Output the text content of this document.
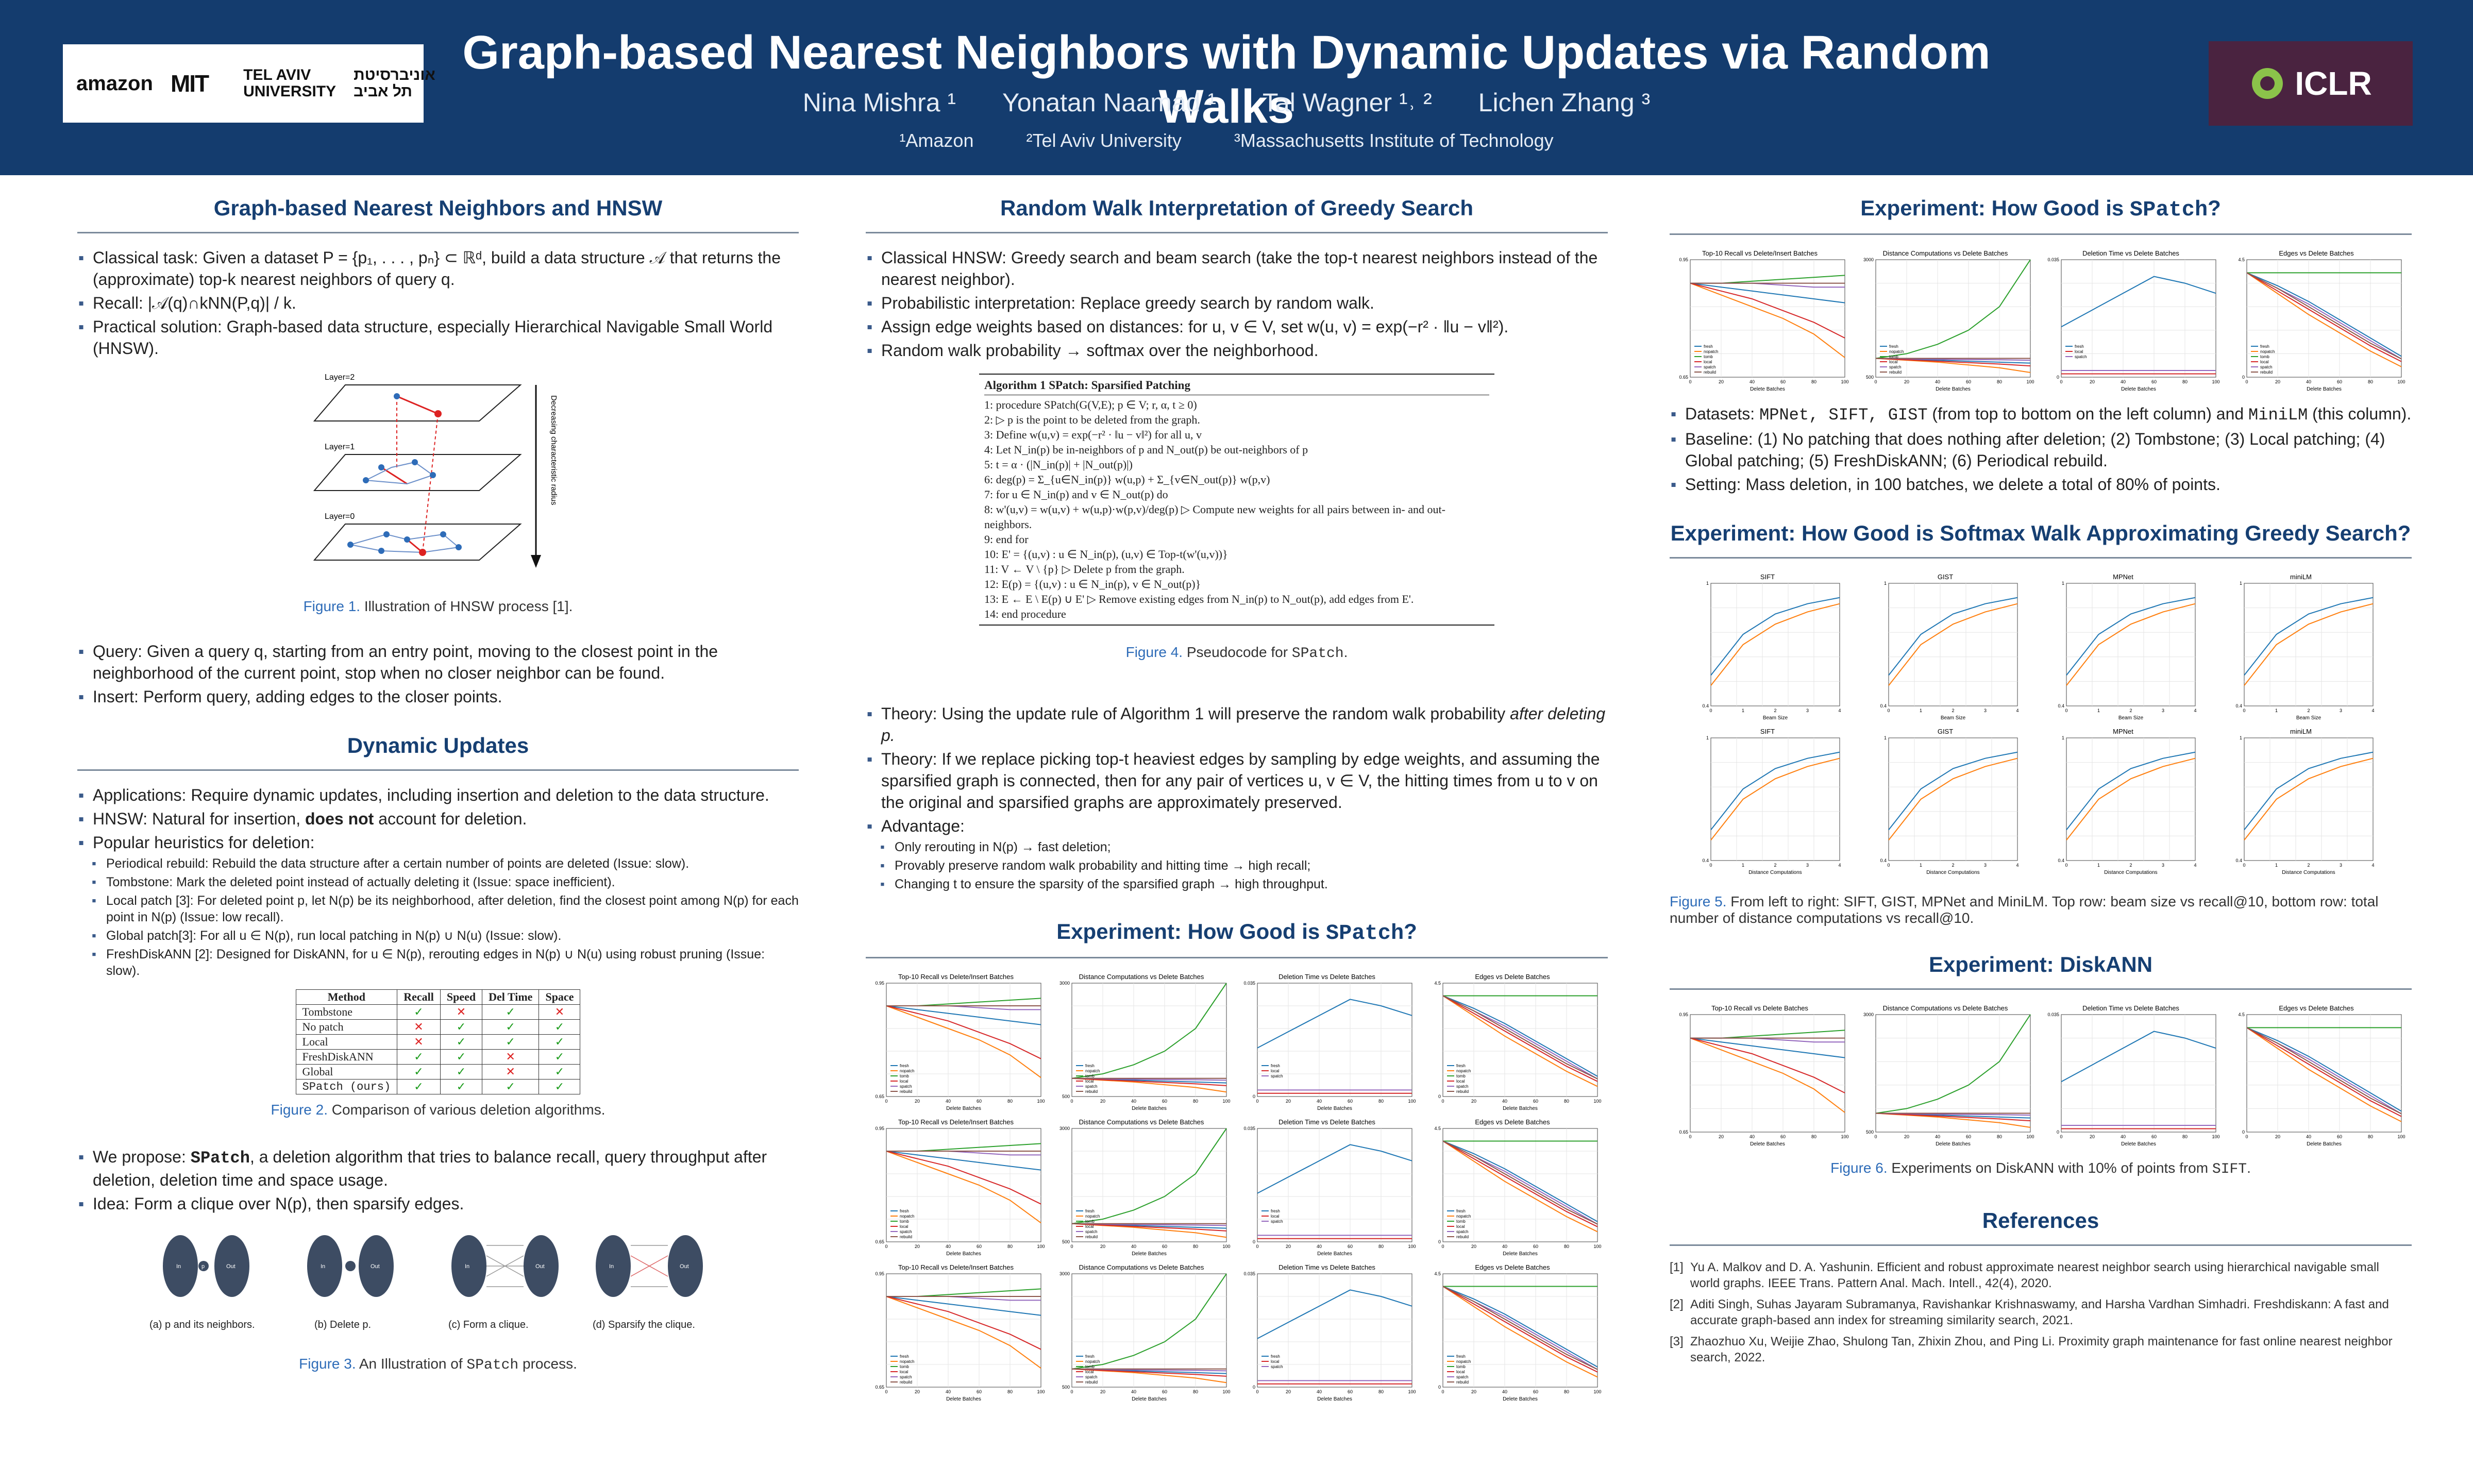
amazon MIT TEL AVIV
UNIVERSITY
אוניברסיטת
תל אביב
Graph-based Nearest Neighbors with Dynamic Updates via Random Walks
Nina Mishra ¹ Yonatan Naamad ¹ Tal Wagner ¹˒ ² Lichen Zhang ³
¹Amazon	²Tel Aviv University	³Massachusetts Institute of Technology
ICLR
Graph-based Nearest Neighbors and HNSW
▪ Classical task: Given a dataset P = {p₁, . . . , pₙ} ⊂ ℝᵈ, build a data structure 𝒜 that returns the (approximate) top-k nearest neighbors of query q.
▪ Recall: |𝒜(q)∩kNN(P,q)| / k.
▪ Practical solution: Graph-based data structure, especially Hierarchical Navigable Small World (HNSW).
Layer=2
Layer=1
Layer=0
Decreasing characteristic radius
Figure 1. Illustration of HNSW process [1].
▪ Query: Given a query q, starting from an entry point, moving to the closest point in the neighborhood of the current point, stop when no closer neighbor can be found.
▪ Insert: Perform query, adding edges to the closer points.
Dynamic Updates
▪ Applications: Require dynamic updates, including insertion and deletion to the data structure.
▪ HNSW: Natural for insertion, does not account for deletion.
▪ Popular heuristics for deletion:
▪ Periodical rebuild: Rebuild the data structure after a certain number of points are deleted (Issue: slow).
▪ Tombstone: Mark the deleted point instead of actually deleting it (Issue: space inefficient).
▪ Local patch [3]: For deleted point p, let N(p) be its neighborhood, after deletion, find the closest point among N(p) for each point in N(p) (Issue: low recall).
▪ Global patch[3]: For all u ∈ N(p), run local patching in N(p) ∪ N(u) (Issue: slow).
▪ FreshDiskANN [2]: Designed for DiskANN, for u ∈ N(p), rerouting edges in N(p) ∪ N(u) using robust pruning (Issue: slow).
Method	Recall	Speed	Del Time	Space
Tombstone	✓	✕	✓	✕
No patch	✕	✓	✓	✓
Local	✕	✓	✓	✓
FreshDiskANN	✓	✓	✕	✓
Global	✓	✓	✕	✓
SPatch (ours)	✓	✓	✓	✓
Figure 2. Comparison of various deletion algorithms.
▪ We propose: SPatch, a deletion algorithm that tries to balance recall, query throughput after deletion, deletion time and space usage.
▪ Idea: Form a clique over N(p), then sparsify edges.
In	p	Out	In	Out	In	Out	In	Out
(a) p and its neighbors.	(b) Delete p.	(c) Form a clique.	(d) Sparsify the clique.
Figure 3. An Illustration of SPatch process.
Random Walk Interpretation of Greedy Search
▪ Classical HNSW: Greedy search and beam search (take the top-t nearest neighbors instead of the nearest neighbor).
▪ Probabilistic interpretation: Replace greedy search by random walk.
▪ Assign edge weights based on distances: for u, v ∈ V, set w(u, v) = exp(−r² · ‖u − v‖²).
▪ Random walk probability → softmax over the neighborhood.
Algorithm 1 SPatch: Sparsified Patching
1: procedure SPatch(G(V,E); p ∈ V; r, α, t ≥ 0)
2: ▷ p is the point to be deleted from the graph.
3: Define w(u,v) = exp(−r² · ‖u − v‖²) for all u, v
4: Let N_in(p) be in-neighbors of p and N_out(p) be out-neighbors of p
5: t = α · (|N_in(p)| + |N_out(p)|)
6: deg(p) = Σ_{u∈N_in(p)} w(u,p) + Σ_{v∈N_out(p)} w(p,v)
7: for u ∈ N_in(p) and v ∈ N_out(p) do
8: w'(u,v) = w(u,v) + w(u,p)·w(p,v)/deg(p) ▷ Compute new weights for all pairs between in- and out-neighbors.
9: end for
10: E' = {(u,v) : u ∈ N_in(p), (u,v) ∈ Top-t(w'(u,v))}
11: V ← V \ {p} ▷ Delete p from the graph.
12: E(p) = {(u,v) : u ∈ N_in(p), v ∈ N_out(p)}
13: E ← E \ E(p) ∪ E' ▷ Remove existing edges from N_in(p) to N_out(p), add edges from E'.
14: end procedure
Figure 4. Pseudocode for SPatch.
▪ Theory: Using the update rule of Algorithm 1 will preserve the random walk probability after deleting p.
▪ Theory: If we replace picking top-t heaviest edges by sampling by edge weights, and assuming the sparsified graph is connected, then for any pair of vertices u, v ∈ V, the hitting times from u to v on the original and sparsified graphs are approximately preserved.
▪ Advantage:
▪ Only rerouting in N(p) → fast deletion;
▪ Provably preserve random walk probability and hitting time → high recall;
▪ Changing t to ensure the sparsity of the sparsified graph → high throughput.
Experiment: How Good is SPatch?
Top-10 Recall vs Delete/Insert Batches
0	20	40	60	80	100
0.65
0.95
Delete Batches
fresh
nopatch
tomb
local
spatch
rebuild
Distance Computations vs Delete Batches
0	20	40	60	80	100
500
3000
Delete Batches
fresh
nopatch
tomb
local
spatch
rebuild
Deletion Time vs Delete Batches
0	20	40	60	80	100
0
0.035
Delete Batches
fresh
local
spatch
Edges vs Delete Batches
0	20	40	60	80	100
0
4.5
Delete Batches
fresh
nopatch
tomb
local
spatch
rebuild
Top-10 Recall vs Delete/Insert Batches
0	20	40	60	80	100
0.65
0.95
Delete Batches
fresh
nopatch
tomb
local
spatch
rebuild
Distance Computations vs Delete Batches
0	20	40	60	80	100
500
3000
Delete Batches
fresh
nopatch
tomb
local
spatch
rebuild
Deletion Time vs Delete Batches
0	20	40	60	80	100
0
0.035
Delete Batches
fresh
local
spatch
Edges vs Delete Batches
0	20	40	60	80	100
0
4.5
Delete Batches
fresh
nopatch
tomb
local
spatch
rebuild
Top-10 Recall vs Delete/Insert Batches
0	20	40	60	80	100
0.65
0.95
Delete Batches
fresh
nopatch
tomb
local
spatch
rebuild
Distance Computations vs Delete Batches
0	20	40	60	80	100
500
3000
Delete Batches
fresh
nopatch
tomb
local
spatch
rebuild
Deletion Time vs Delete Batches
0	20	40	60	80	100
0
0.035
Delete Batches
fresh
local
spatch
Edges vs Delete Batches
0	20	40	60	80	100
0
4.5
Delete Batches
fresh
nopatch
tomb
local
spatch
rebuild
Experiment: How Good is SPatch?
Top-10 Recall vs Delete/Insert Batches
0	20	40	60	80	100
0.65
0.95
Delete Batches
fresh
nopatch
tomb
local
spatch
rebuild
Distance Computations vs Delete Batches
0	20	40	60	80	100
500
3000
Delete Batches
fresh
nopatch
tomb
local
spatch
rebuild
Deletion Time vs Delete Batches
0	20	40	60	80	100
0
0.035
Delete Batches
fresh
local
spatch
Edges vs Delete Batches
0	20	40	60	80	100
0
4.5
Delete Batches
fresh
nopatch
tomb
local
spatch
rebuild
▪ Datasets: MPNet, SIFT, GIST (from top to bottom on the left column) and MiniLM (this column).
▪ Baseline: (1) No patching that does nothing after deletion; (2) Tombstone; (3) Local patching; (4) Global patching; (5) FreshDiskANN; (6) Periodical rebuild.
▪ Setting: Mass deletion, in 100 batches, we delete a total of 80% of points.
Experiment: How Good is Softmax Walk Approximating Greedy Search?
SIFT
0	1	2	3	4
0.4
1
Beam Size
GIST
0	1	2	3	4
0.4
1
Beam Size
MPNet
0	1	2	3	4
0.4
1
Beam Size
miniLM
0	1	2	3	4
0.4
1
Beam Size
SIFT
0	1	2	3	4
0.4
1
Distance Computations
GIST
0	1	2	3	4
0.4
1
Distance Computations
MPNet
0	1	2	3	4
0.4
1
Distance Computations
miniLM
0	1	2	3	4
0.4
1
Distance Computations
Figure 5. From left to right: SIFT, GIST, MPNet and MiniLM. Top row: beam size vs recall@10, bottom row: total number of distance computations vs recall@10.
Experiment: DiskANN
Top-10 Recall vs Delete Batches
0	20	40	60	80	100
0.65
0.95
Delete Batches
Distance Computations vs Delete Batches
0	20	40	60	80	100
500
3000
Delete Batches
Deletion Time vs Delete Batches
0	20	40	60	80	100
0
0.035
Delete Batches
Edges vs Delete Batches
0	20	40	60	80	100
0
4.5
Delete Batches
Figure 6. Experiments on DiskANN with 10% of points from SIFT.
References
[1] Yu A. Malkov and D. A. Yashunin. Efficient and robust approximate nearest neighbor search using hierarchical navigable small world graphs. IEEE Trans. Pattern Anal. Mach. Intell., 42(4), 2020.
[2] Aditi Singh, Suhas Jayaram Subramanya, Ravishankar Krishnaswamy, and Harsha Vardhan Simhadri. Freshdiskann: A fast and accurate graph-based ann index for streaming similarity search, 2021.
[3] Zhaozhuo Xu, Weijie Zhao, Shulong Tan, Zhixin Zhou, and Ping Li. Proximity graph maintenance for fast online nearest neighbor search, 2022.
